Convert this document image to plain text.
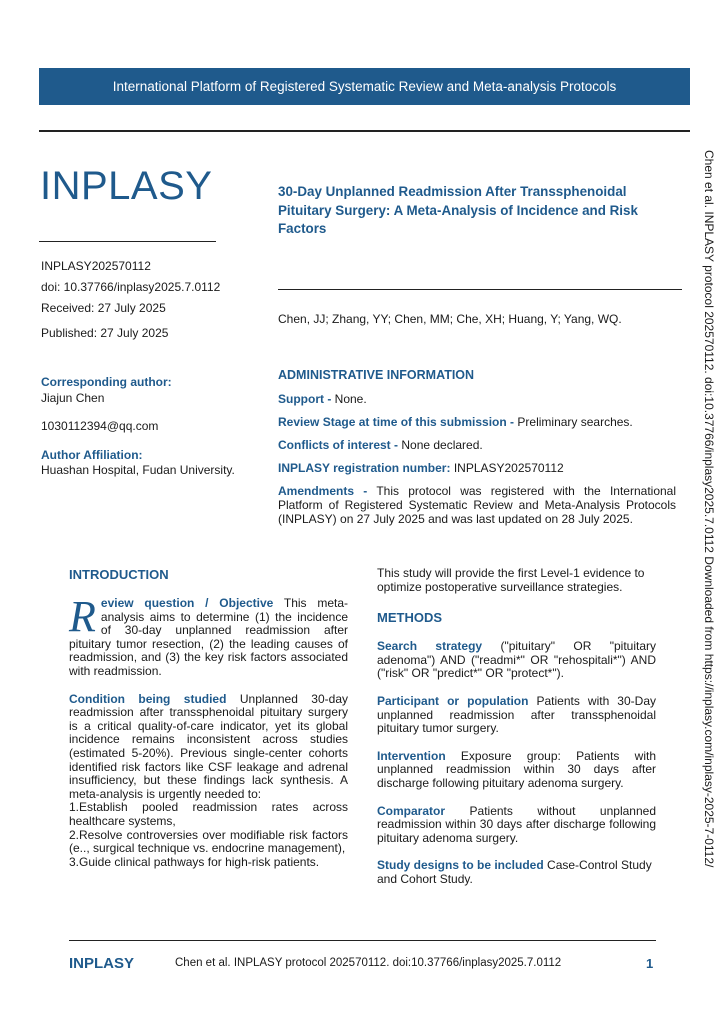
International Platform of Registered Systematic Review and Meta-analysis Protocols
INPLASY
INPLASY202570112
doi: 10.37766/inplasy2025.7.0112
Received: 27 July 2025
Published: 27 July 2025
Corresponding author:
Jiajun Chen
1030112394@qq.com
Author Affiliation:
Huashan Hospital, Fudan University.
30-Day Unplanned Readmission After Transsphenoidal Pituitary Surgery: A Meta-Analysis of Incidence and Risk Factors
Chen, JJ; Zhang, YY; Chen, MM; Che, XH; Huang, Y; Yang, WQ.

ADMINISTRATIVE INFORMATION

Support - None.

Review Stage at time of this submission - Preliminary searches.

Conflicts of interest - None declared.

INPLASY registration number: INPLASY202570112

Amendments - This protocol was registered with the International Platform of Registered Systematic Review and Meta-Analysis Protocols (INPLASY) on 27 July 2025 and was last updated on 28 July 2025.

INTRODUCTION
Review question / Objective This meta-analysis aims to determine (1) the incidence of 30-day unplanned readmission after pituitary tumor resection, (2) the leading causes of readmission, and (3) the key risk factors associated with readmission.
Condition being studied Unplanned 30-day readmission after transsphenoidal pituitary surgery is a critical quality-of-care indicator, yet its global incidence remains inconsistent across studies (estimated 5-20%). Previous single-center cohorts identified risk factors like CSF leakage and adrenal insufficiency, but these findings lack synthesis. A meta-analysis is urgently needed to:
1.Establish pooled readmission rates across healthcare systems,
2.Resolve controversies over modifiable risk factors (e.., surgical technique vs. endocrine management),
3.Guide clinical pathways for high-risk patients.
This study will provide the first Level-1 evidence to optimize postoperative surveillance strategies.
METHODS
Search strategy ("pituitary" OR "pituitary adenoma") AND ("readmi*" OR "rehospitali*") AND ("risk" OR "predict*" OR "protect*").
Participant or population Patients with 30-Day unplanned readmission after transsphenoidal pituitary tumor surgery.
Intervention Exposure group: Patients with unplanned readmission within 30 days after discharge following pituitary adenoma surgery.
Comparator Patients without unplanned readmission within 30 days after discharge following pituitary adenoma surgery.
Study designs to be included Case-Control Study and Cohort Study.
Chen et al. INPLASY protocol 202570112. doi:10.37766/inplasy2025.7.0112 Downloaded from https://inplasy.com/inplasy-2025-7-0112/
INPLASY	Chen et al. INPLASY protocol 202570112. doi:10.37766/inplasy2025.7.0112	1
